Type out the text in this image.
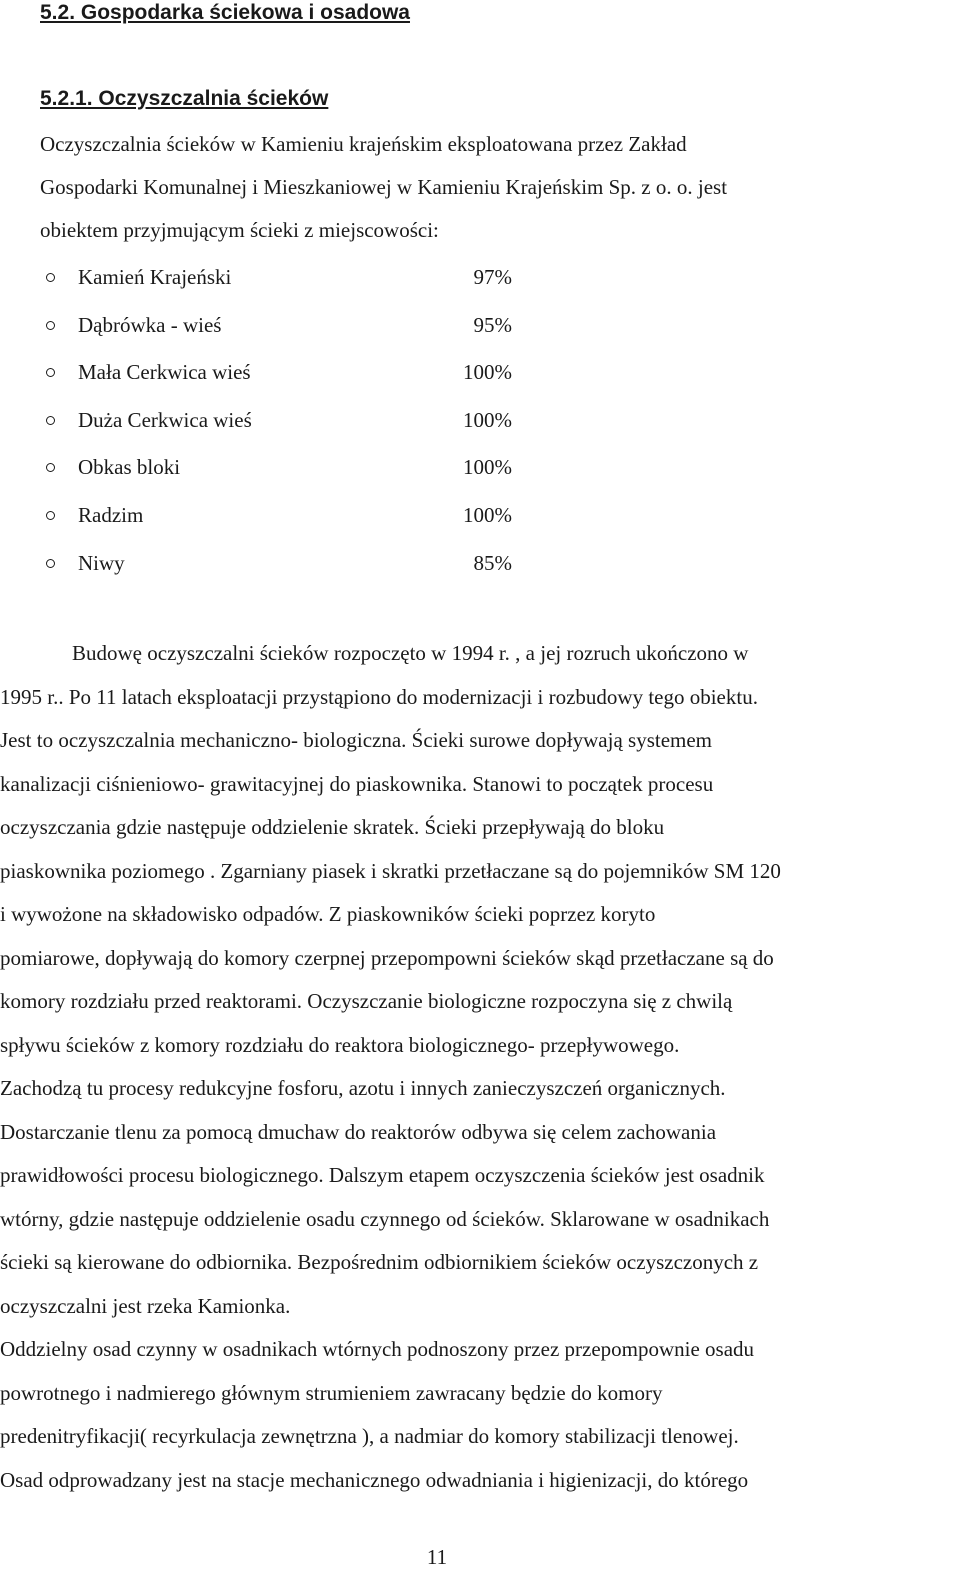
5.2. Gospodarka ściekowa i osadowa
5.2.1. Oczyszczalnia ścieków

Oczyszczalnia ścieków w Kamieniu krajeńskim eksploatowana przez Zakład
Gospodarki Komunalnej i Mieszkaniowej w Kamieniu Krajeńskim Sp. z o. o. jest
obiektem przyjmującym ścieki z miejscowości:

Kamień Krajeński	97%
Dąbrówka - wieś	95%
Mała Cerkwica wieś	100%
Duża Cerkwica wieś	100%
Obkas bloki	100%
Radzim	100%
Niwy	85%
Budowę oczyszczalni ścieków rozpoczęto w 1994 r. , a jej rozruch ukończono w
1995 r.. Po 11 latach eksploatacji przystąpiono do modernizacji i rozbudowy tego obiektu.
Jest to oczyszczalnia mechaniczno- biologiczna. Ścieki surowe dopływają systemem
kanalizacji ciśnieniowo- grawitacyjnej do piaskownika. Stanowi to początek procesu
oczyszczania gdzie następuje oddzielenie skratek. Ścieki przepływają do bloku
piaskownika poziomego . Zgarniany piasek i skratki przetłaczane są do pojemników SM 120
i wywożone na składowisko odpadów. Z piaskowników ścieki poprzez koryto
pomiarowe, dopływają do komory czerpnej przepompowni ścieków skąd przetłaczane są do
komory rozdziału przed reaktorami. Oczyszczanie biologiczne rozpoczyna się z chwilą
spływu ścieków z komory rozdziału do reaktora biologicznego- przepływowego.
Zachodzą tu procesy redukcyjne fosforu, azotu i innych zanieczyszczeń organicznych.
Dostarczanie tlenu za pomocą dmuchaw do reaktorów odbywa się celem zachowania
prawidłowości procesu biologicznego. Dalszym etapem oczyszczenia ścieków jest osadnik
wtórny, gdzie następuje oddzielenie osadu czynnego od ścieków. Sklarowane w osadnikach
ścieki są kierowane do odbiornika. Bezpośrednim odbiornikiem ścieków oczyszczonych z
oczyszczalni jest rzeka Kamionka.
Oddzielny osad czynny w osadnikach wtórnych podnoszony przez przepompownie osadu
powrotnego i nadmierego głównym strumieniem zawracany będzie do komory
predenitryfikacji( recyrkulacja zewnętrzna ), a nadmiar do komory stabilizacji tlenowej.
Osad odprowadzany jest na stacje mechanicznego odwadniania i higienizacji, do którego

11
